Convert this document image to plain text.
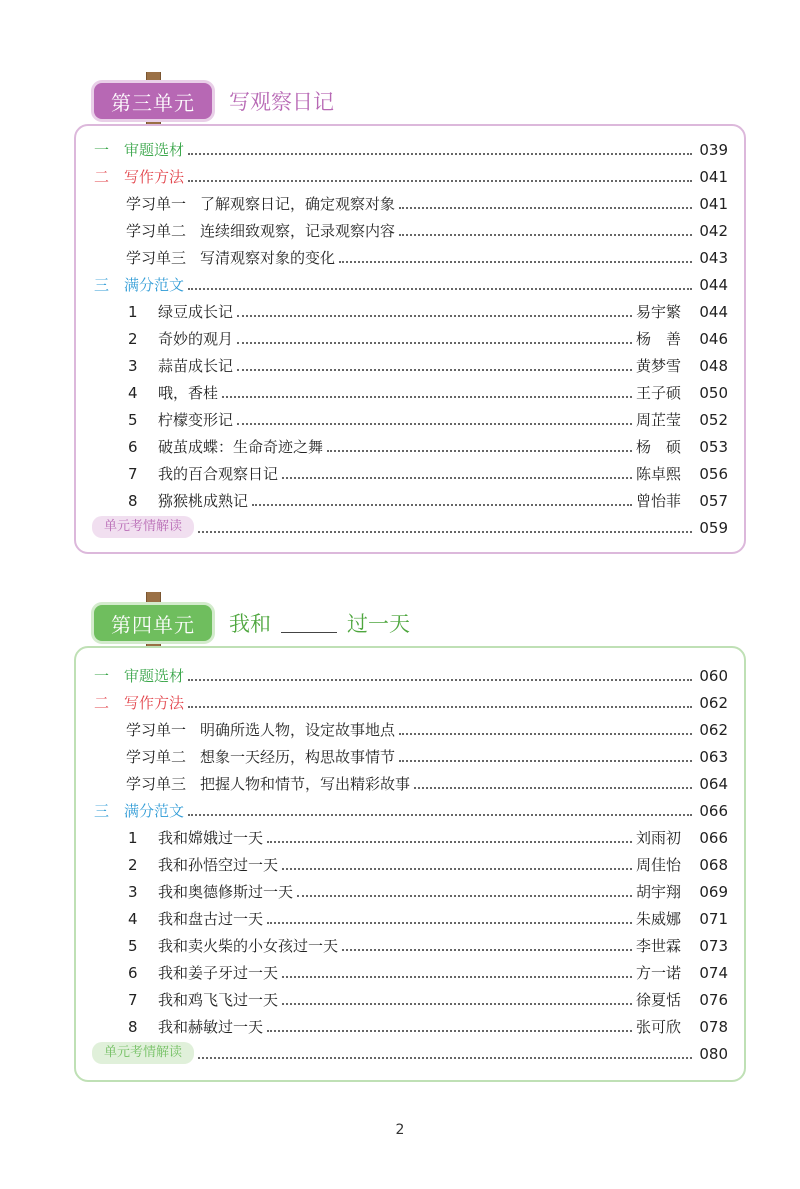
第三单元	写观察日记
一 审题选材	039
二 写作方法	041
学习单一 了解观察日记，确定观察对象	041
学习单二 连续细致观察，记录观察内容	042
学习单三 写清观察对象的变化	043
三 满分范文	044
1	绿豆成长记	易宇繁	044
2	奇妙的观月	杨　善	046
3	蒜苗成长记	黄梦雪	048
4	哦，香桂	王子硕	050
5	柠檬变形记	周芷莹	052
6	破茧成蝶：生命奇迹之舞	杨　硕	053
7	我的百合观察日记	陈卓熙	056
8	猕猴桃成熟记	曾怡菲	057
单元考情解读	059
第四单元	我和	过一天
一 审题选材	060
二 写作方法	062
学习单一 明确所选人物，设定故事地点	062
学习单二 想象一天经历，构思故事情节	063
学习单三 把握人物和情节，写出精彩故事	064
三 满分范文	066
1	我和嫦娥过一天	刘雨初	066
2	我和孙悟空过一天	周佳怡	068
3	我和奥德修斯过一天	胡宇翔	069
4	我和盘古过一天	朱威娜	071
5	我和卖火柴的小女孩过一天	李世霖	073
6	我和姜子牙过一天	方一诺	074
7	我和鸡飞飞过一天	徐夏恬	076
8	我和赫敏过一天	张可欣	078
单元考情解读	080
2
